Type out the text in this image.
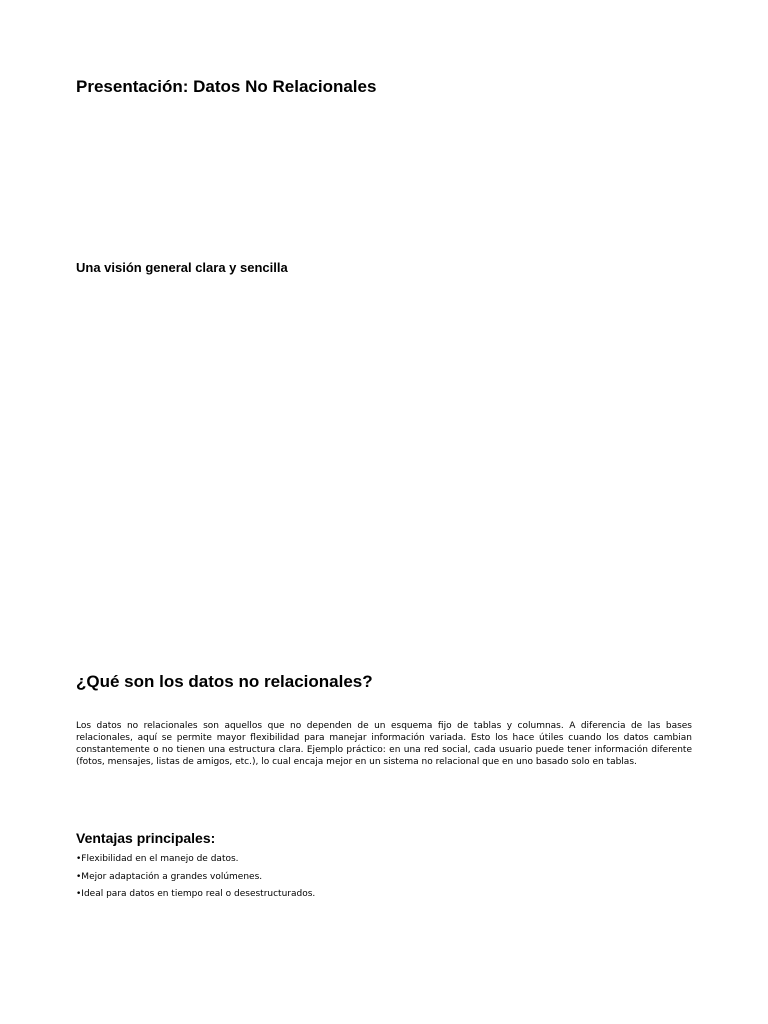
Presentación: Datos No Relacionales
Una visión general clara y sencilla
¿Qué son los datos no relacionales?

Los datos no relacionales son aquellos que no dependen de un esquema fijo de tablas y columnas. A diferencia de las bases relacionales, aquí se permite mayor flexibilidad para manejar información variada. Esto los hace útiles cuando los datos cambian constantemente o no tienen una estructura clara. Ejemplo práctico: en una red social, cada usuario puede tener información diferente (fotos, mensajes, listas de amigos, etc.), lo cual encaja mejor en un sistema no relacional que en uno basado solo en tablas.

Ventajas principales:
•Flexibilidad en el manejo de datos.
•Mejor adaptación a grandes volúmenes.
•Ideal para datos en tiempo real o desestructurados.
